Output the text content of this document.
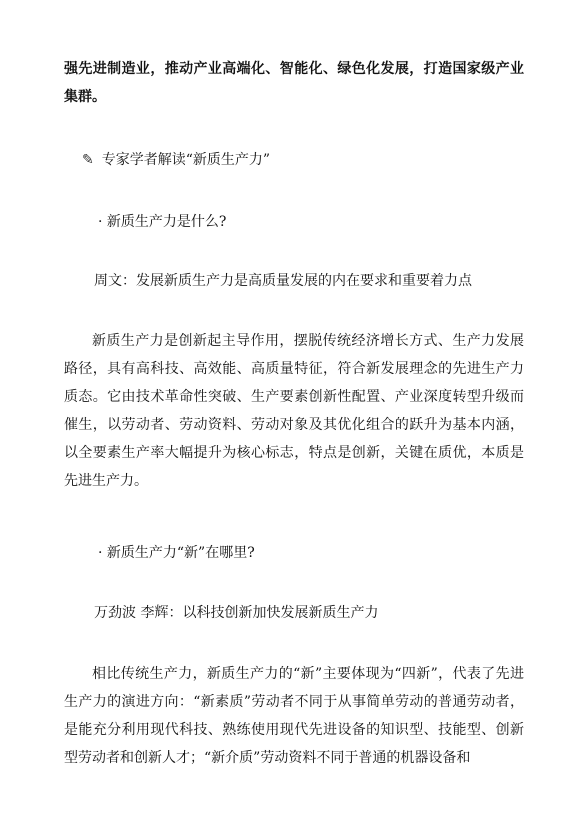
强先进制造业，推动产业高端化、智能化、绿色化发展，打造国家级产业集群。

✎ 专家学者解读“新质生产力”
· 新质生产力是什么?
周文：发展新质生产力是高质量发展的内在要求和重要着力点

新质生产力是创新起主导作用，摆脱传统经济增长方式、生产力发展路径，具有高科技、高效能、高质量特征，符合新发展理念的先进生产力质态。它由技术革命性突破、生产要素创新性配置、产业深度转型升级而催生，以劳动者、劳动资料、劳动对象及其优化组合的跃升为基本内涵，以全要素生产率大幅提升为核心标志，特点是创新，关键在质优，本质是先进生产力。

· 新质生产力“新”在哪里?
万劲波 李辉：以科技创新加快发展新质生产力

相比传统生产力，新质生产力的“新”主要体现为“四新”，代表了先进生产力的演进方向：“新素质”劳动者不同于从事简单劳动的普通劳动者，是能充分利用现代科技、熟练使用现代先进设备的知识型、技能型、创新型劳动者和创新人才；“新介质”劳动资料不同于普通的机器设备和
